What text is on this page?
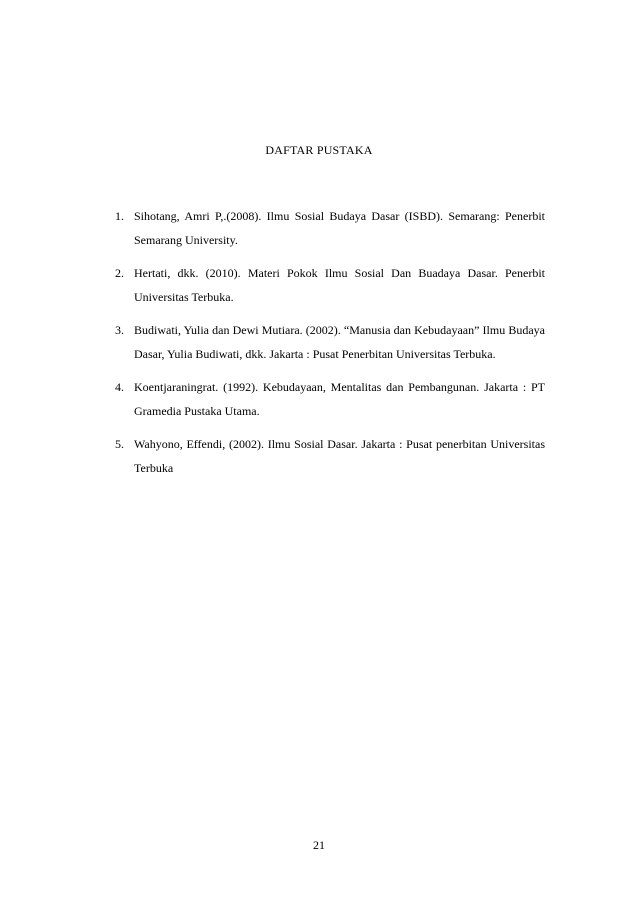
DAFTAR PUSTAKA
1. Sihotang, Amri P,.(2008). Ilmu Sosial Budaya Dasar (ISBD). Semarang: Penerbit Semarang University.
2. Hertati, dkk. (2010). Materi Pokok Ilmu Sosial Dan Buadaya Dasar. Penerbit Universitas Terbuka.
3. Budiwati, Yulia dan Dewi Mutiara. (2002). “Manusia dan Kebudayaan” Ilmu Budaya Dasar, Yulia Budiwati, dkk. Jakarta : Pusat Penerbitan Universitas Terbuka.
4. Koentjaraningrat. (1992). Kebudayaan, Mentalitas dan Pembangunan. Jakarta : PT Gramedia Pustaka Utama.
5. Wahyono, Effendi, (2002). Ilmu Sosial Dasar. Jakarta : Pusat penerbitan Universitas Terbuka
21
